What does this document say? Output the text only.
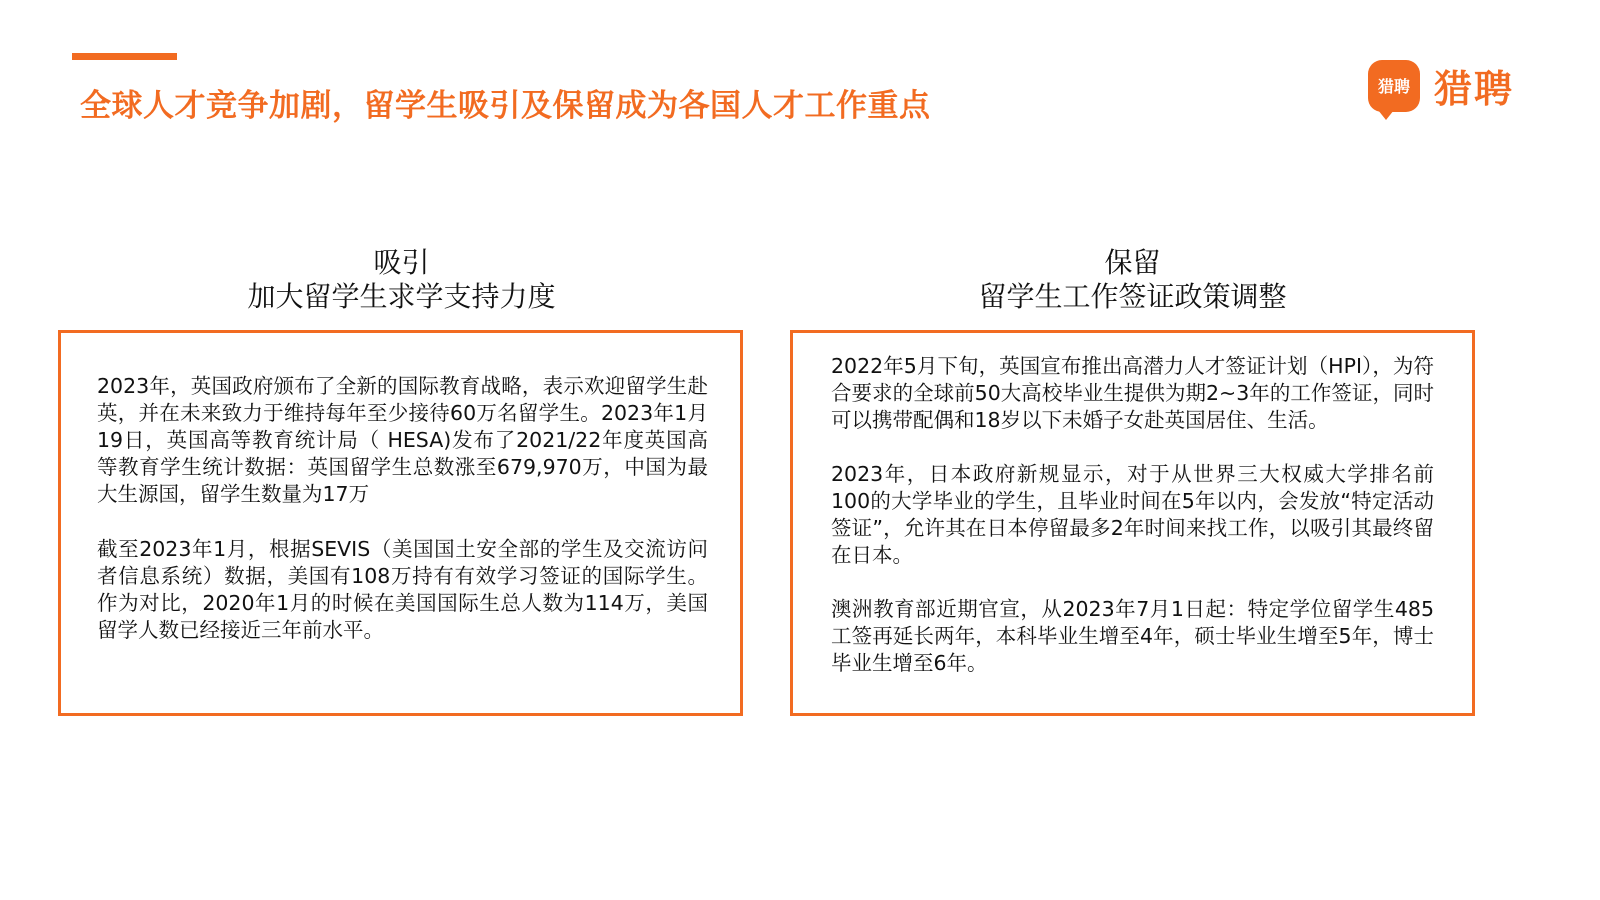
全球人才竞争加剧，留学生吸引及保留成为各国人才工作重点
猎聘 猎聘
吸引
加大留学生求学支持力度
保留
留学生工作签证政策调整

2023年，英国政府颁布了全新的国际教育战略，表示欢迎留学生赴英，并在未来致力于维持每年至少接待60万名留学生。2023年1月19日，英国高等教育统计局（ HESA)发布了2021/22年度英国高等教育学生统计数据：英国留学生总数涨至679,970万，中国为最大生源国，留学生数量为17万

截至2023年1月，根据SEVIS（美国国土安全部的学生及交流访问者信息系统）数据，美国有108万持有有效学习签证的国际学生。作为对比，2020年1月的时候在美国国际生总人数为114万，美国留学人数已经接近三年前水平。

2022年5月下旬，英国宣布推出高潜力人才签证计划（HPI），为符合要求的全球前50大高校毕业生提供为期2~3年的工作签证，同时可以携带配偶和18岁以下未婚子女赴英国居住、生活。

2023年，日本政府新规显示，对于从世界三大权威大学排名前100的大学毕业的学生，且毕业时间在5年以内，会发放“特定活动签证”，允许其在日本停留最多2年时间来找工作，以吸引其最终留在日本。

澳洲教育部近期官宣，从2023年7月1日起：特定学位留学生485工签再延长两年，本科毕业生增至4年，硕士毕业生增至5年，博士毕业生增至6年。
